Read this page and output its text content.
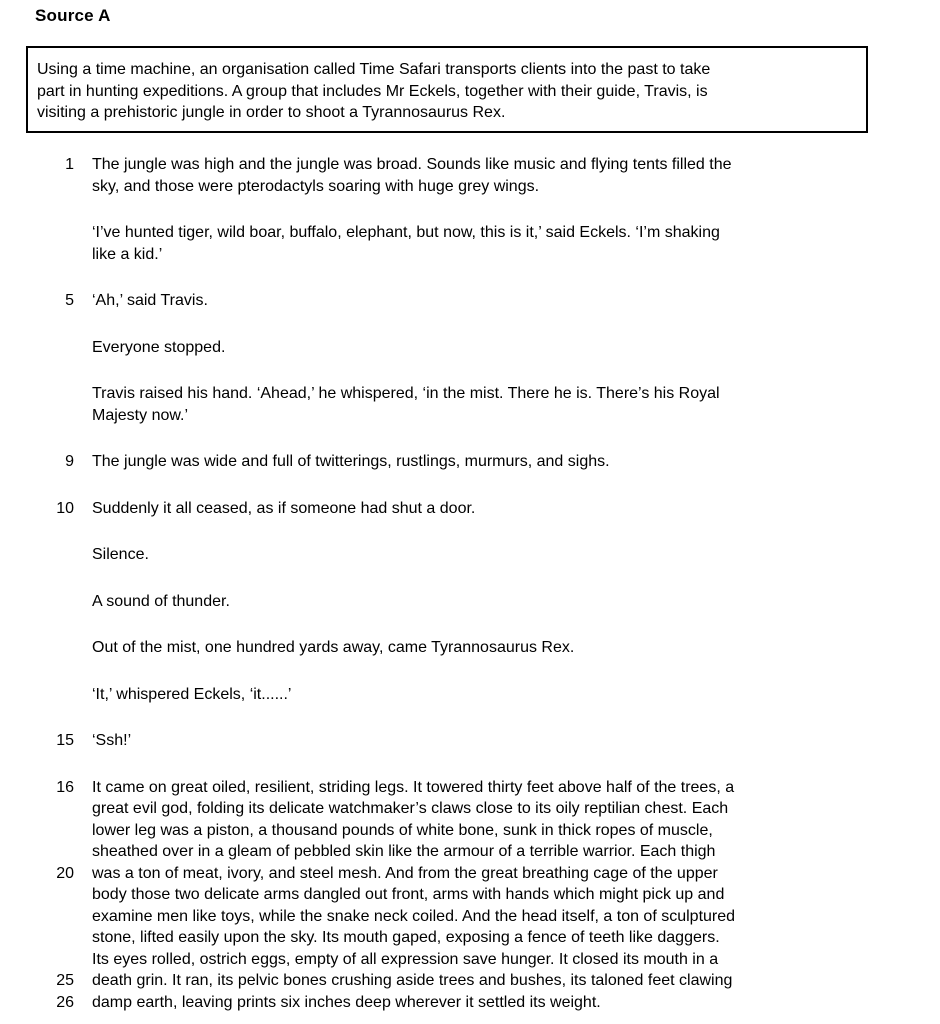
Source A
Using a time machine, an organisation called Time Safari transports clients into the past to take
part in hunting expeditions. A group that includes Mr Eckels, together with their guide, Travis, is
visiting a prehistoric jungle in order to shoot a Tyrannosaurus Rex.
1 The jungle was high and the jungle was broad. Sounds like music and flying tents filled the
sky, and those were pterodactyls soaring with huge grey wings.
‘I’ve hunted tiger, wild boar, buffalo, elephant, but now, this is it,’ said Eckels. ‘I’m shaking
like a kid.’
5 ‘Ah,’ said Travis.
Everyone stopped.
Travis raised his hand. ‘Ahead,’ he whispered, ‘in the mist. There he is. There’s his Royal
Majesty now.’
9 The jungle was wide and full of twitterings, rustlings, murmurs, and sighs.
10 Suddenly it all ceased, as if someone had shut a door.
Silence.
A sound of thunder.
Out of the mist, one hundred yards away, came Tyrannosaurus Rex.
‘It,’ whispered Eckels, ‘it......’
15 ‘Ssh!’
16 It came on great oiled, resilient, striding legs. It towered thirty feet above half of the trees, a
great evil god, folding its delicate watchmaker’s claws close to its oily reptilian chest. Each
lower leg was a piston, a thousand pounds of white bone, sunk in thick ropes of muscle,
sheathed over in a gleam of pebbled skin like the armour of a terrible warrior. Each thigh
20 was a ton of meat, ivory, and steel mesh. And from the great breathing cage of the upper
body those two delicate arms dangled out front, arms with hands which might pick up and
examine men like toys, while the snake neck coiled. And the head itself, a ton of sculptured
stone, lifted easily upon the sky. Its mouth gaped, exposing a fence of teeth like daggers.
Its eyes rolled, ostrich eggs, empty of all expression save hunger. It closed its mouth in a
25 death grin. It ran, its pelvic bones crushing aside trees and bushes, its taloned feet clawing
26 damp earth, leaving prints six inches deep wherever it settled its weight.
